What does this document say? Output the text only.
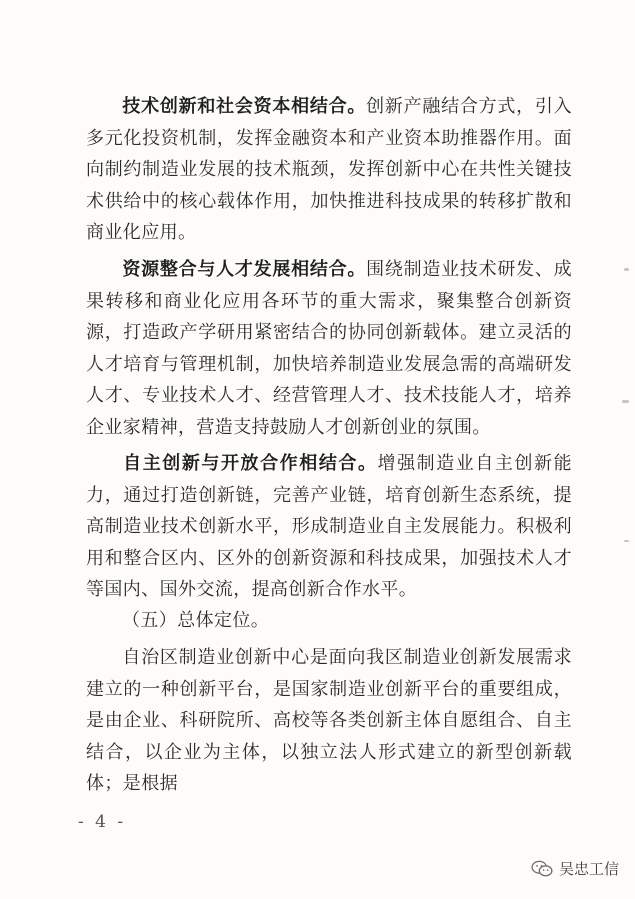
技术创新和社会资本相结合。创新产融结合方式，引入多元化投资机制，发挥金融资本和产业资本助推器作用。面向制约制造业发展的技术瓶颈，发挥创新中心在共性关键技术供给中的核心载体作用，加快推进科技成果的转移扩散和商业化应用。

资源整合与人才发展相结合。围绕制造业技术研发、成果转移和商业化应用各环节的重大需求，聚集整合创新资源，打造政产学研用紧密结合的协同创新载体。建立灵活的人才培育与管理机制，加快培养制造业发展急需的高端研发人才、专业技术人才、经营管理人才、技术技能人才，培养企业家精神，营造支持鼓励人才创新创业的氛围。

自主创新与开放合作相结合。增强制造业自主创新能力，通过打造创新链，完善产业链，培育创新生态系统，提高制造业技术创新水平，形成制造业自主发展能力。积极利用和整合区内、区外的创新资源和科技成果，加强技术人才等国内、国外交流，提高创新合作水平。

（五）总体定位。

自治区制造业创新中心是面向我区制造业创新发展需求建立的一种创新平台，是国家制造业创新平台的重要组成，是由企业、科研院所、高校等各类创新主体自愿组合、自主结合，以企业为主体，以独立法人形式建立的新型创新载体；是根据

- 4 -
吴忠工信
